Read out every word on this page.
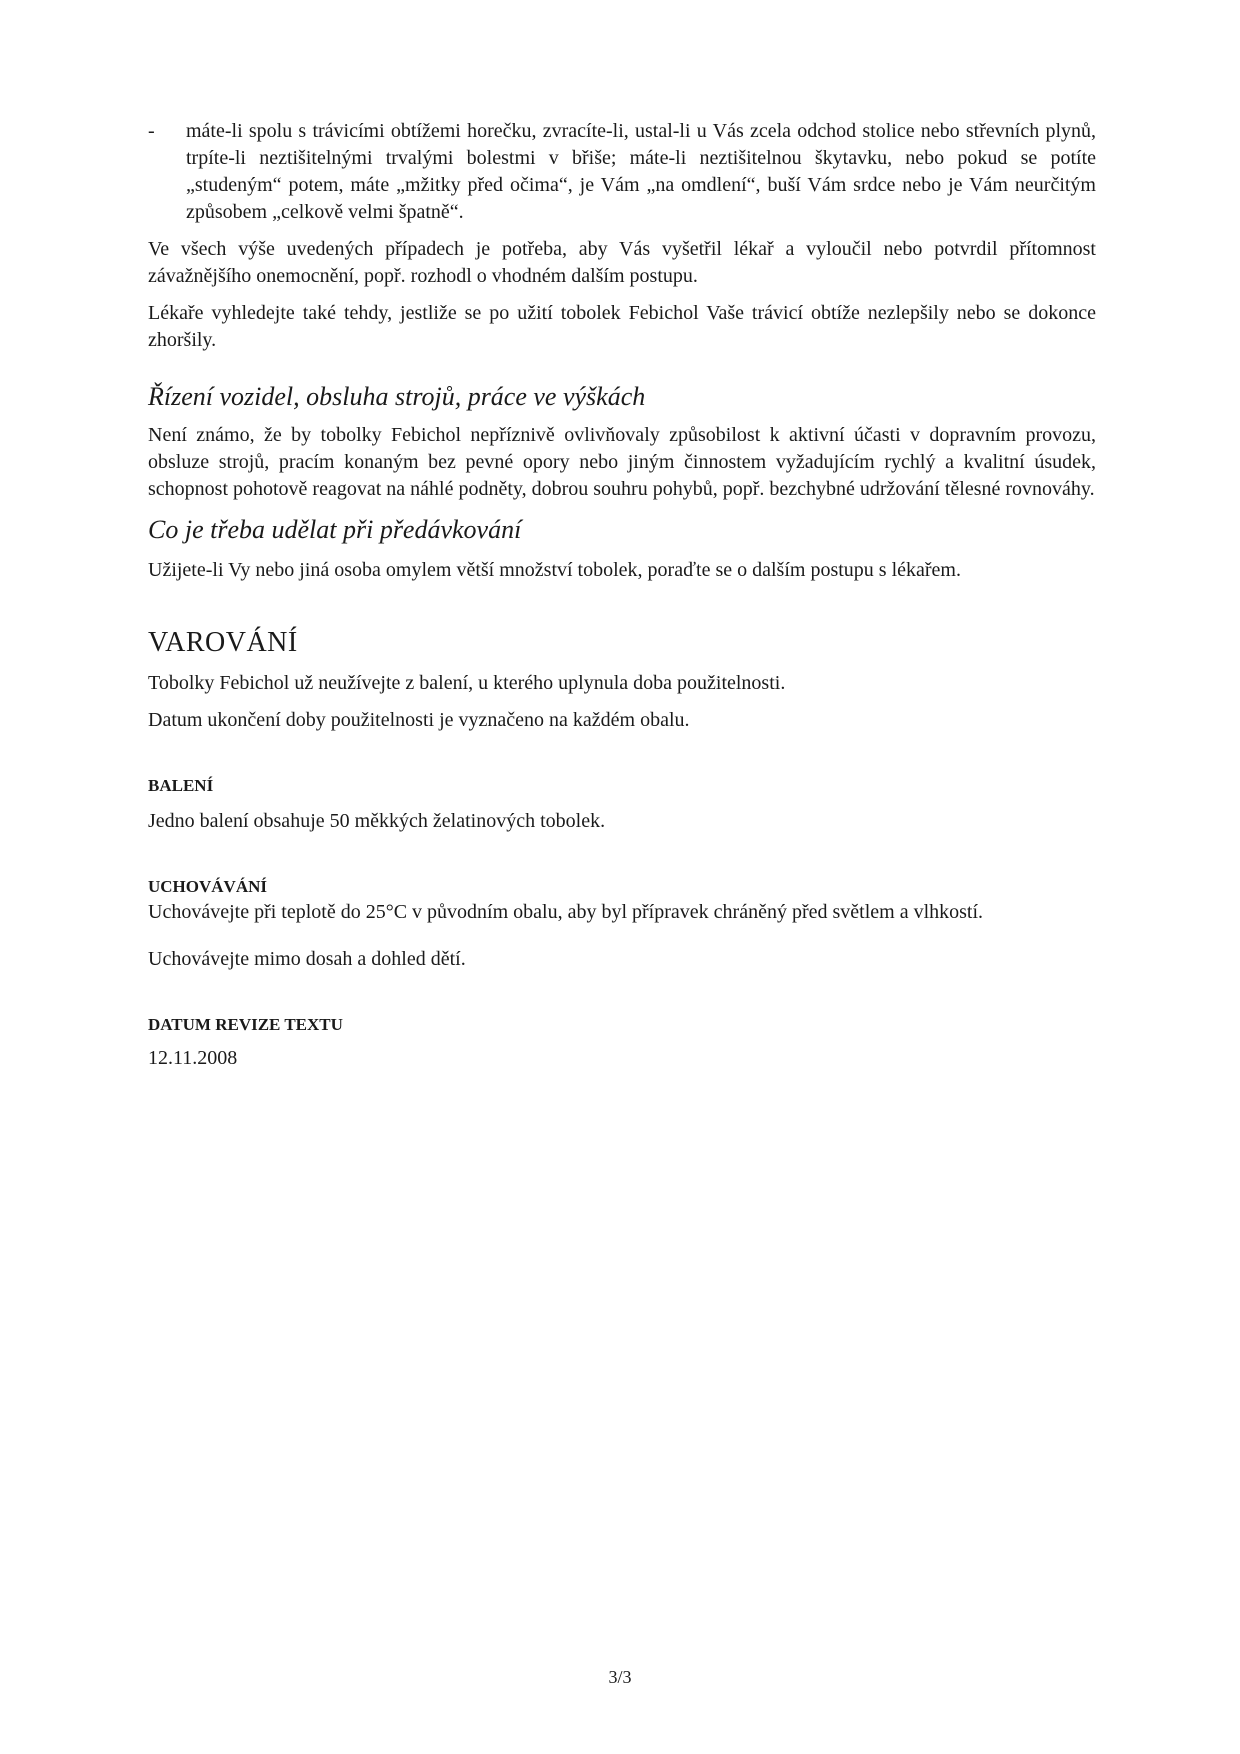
- máte-li spolu s trávicími obtížemi horečku, zvracíte-li, ustal-li u Vás zcela odchod stolice nebo střevních plynů, trpíte-li neztišitelnými trvalými bolestmi v břiše; máte-li neztišitelnou škytavku, nebo pokud se potíte „studeným“ potem, máte „mžitky před očima“, je Vám „na omdlení“, buší Vám srdce nebo je Vám neurčitým způsobem „celkově velmi špatně“.

Ve všech výše uvedených případech je potřeba, aby Vás vyšetřil lékař a vyloučil nebo potvrdil přítomnost závažnějšího onemocnění, popř. rozhodl o vhodném dalším postupu.

Lékaře vyhledejte také tehdy, jestliže se po užití tobolek Febichol Vaše trávicí obtíže nezlepšily nebo se dokonce zhoršily.

Řízení vozidel, obsluha strojů, práce ve výškách

Není známo, že by tobolky Febichol nepříznivě ovlivňovaly způsobilost k aktivní účasti v dopravním provozu, obsluze strojů, pracím konaným bez pevné opory nebo jiným činnostem vyžadujícím rychlý a kvalitní úsudek, schopnost pohotově reagovat na náhlé podněty, dobrou souhru pohybů, popř. bezchybné udržování tělesné rovnováhy.

Co je třeba udělat při předávkování

Užijete-li Vy nebo jiná osoba omylem větší množství tobolek, poraďte se o dalším postupu s lékařem.

VAROVÁNÍ

Tobolky Febichol už neužívejte z balení, u kterého uplynula doba použitelnosti.

Datum ukončení doby použitelnosti je vyznačeno na každém obalu.

BALENÍ

Jedno balení obsahuje 50 měkkých želatinových tobolek.

UCHOVÁVÁNÍ

Uchovávejte při teplotě do 25°C v původním obalu, aby byl přípravek chráněný před světlem a vlhkostí.

Uchovávejte mimo dosah a dohled dětí.

DATUM REVIZE TEXTU

12.11.2008

3/3
